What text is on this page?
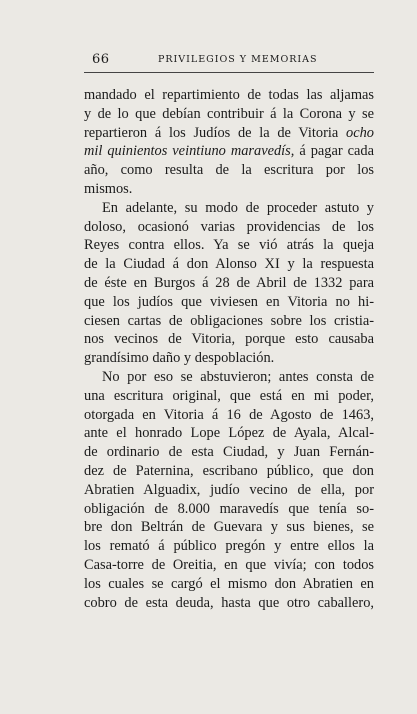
66	PRIVILEGIOS Y MEMORIAS
mandado el repartimiento de todas las aljamas
y de lo que debían contribuir á la Corona y se
repartieron á los Judíos de la de Vitoria ocho
mil quinientos veintiuno maravedís, á pagar cada
año, como resulta de la escritura por los
mismos.
En adelante, su modo de proceder astuto y
doloso, ocasionó varias providencias de los
Reyes contra ellos. Ya se vió atrás la queja
de la Ciudad á don Alonso XI y la respuesta
de éste en Burgos á 28 de Abril de 1332 para
que los judíos que viviesen en Vitoria no hi-
ciesen cartas de obligaciones sobre los cristia-
nos vecinos de Vitoria, porque esto causaba
grandísimo daño y despoblación.
No por eso se abstuvieron; antes consta de
una escritura original, que está en mi poder,
otorgada en Vitoria á 16 de Agosto de 1463,
ante el honrado Lope López de Ayala, Alcal-
de ordinario de esta Ciudad, y Juan Fernán-
dez de Paternina, escribano público, que don
Abratien Alguadix, judío vecino de ella, por
obligación de 8.000 maravedís que tenía so-
bre don Beltrán de Guevara y sus bienes, se
los remató á público pregón y entre ellos la
Casa-torre de Oreitia, en que vivía; con todos
los cuales se cargó el mismo don Abratien en
cobro de esta deuda, hasta que otro caballero,
